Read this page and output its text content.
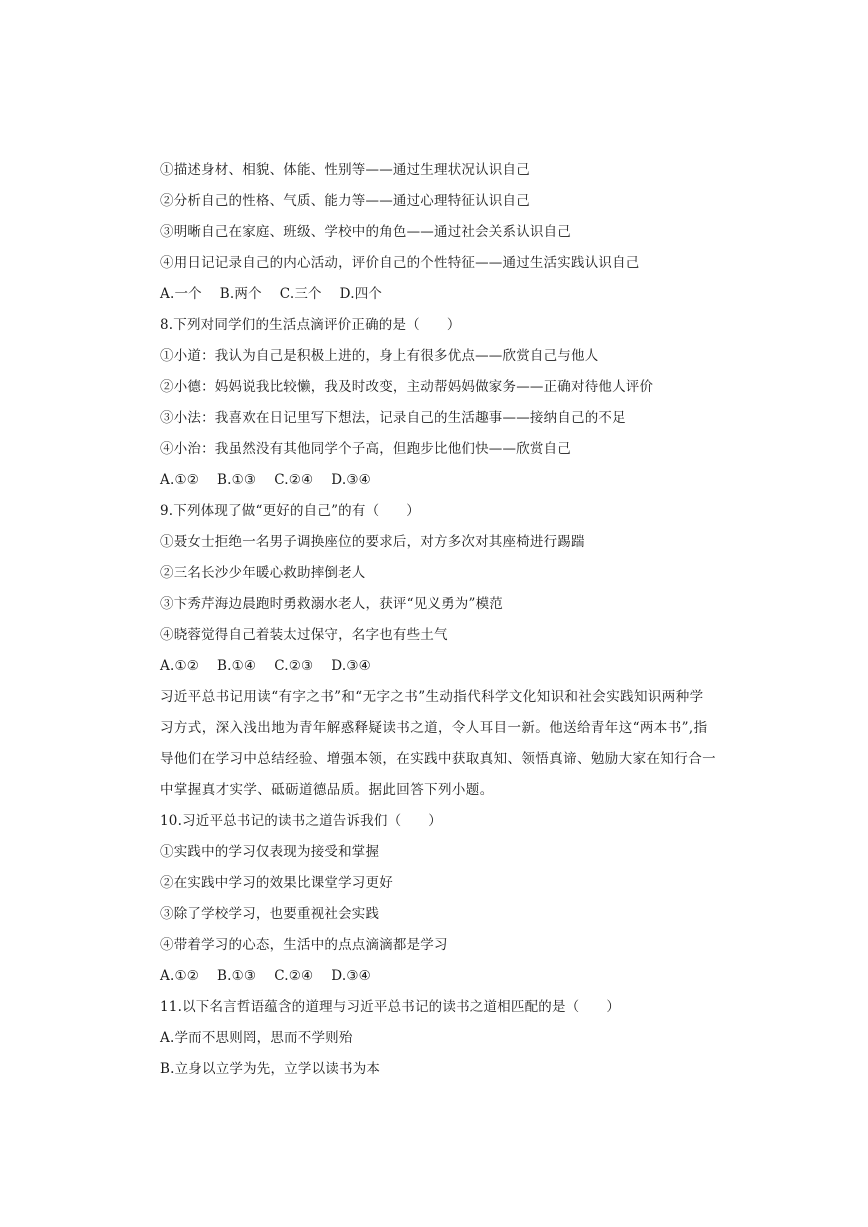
①描述身材、相貌、体能、性别等——通过生理状况认识自己
②分析自己的性格、气质、能力等——通过心理特征认识自己
③明晰自己在家庭、班级、学校中的角色——通过社会关系认识自己
④用日记记录自己的内心活动，评价自己的个性特征——通过生活实践认识自己
A.一个    B.两个    C.三个    D.四个
8.下列对同学们的生活点滴评价正确的是（      ）
①小道：我认为自己是积极上进的，身上有很多优点——欣赏自己与他人
②小德：妈妈说我比较懒，我及时改变，主动帮妈妈做家务——正确对待他人评价
③小法：我喜欢在日记里写下想法，记录自己的生活趣事——接纳自己的不足
④小治：我虽然没有其他同学个子高，但跑步比他们快——欣赏自己
A.①②    B.①③    C.②④    D.③④
9.下列体现了做“更好的自己”的有（      ）
①聂女士拒绝一名男子调换座位的要求后，对方多次对其座椅进行踢踹
②三名长沙少年暖心救助摔倒老人
③卞秀芹海边晨跑时勇救溺水老人，获评“见义勇为”模范
④晓蓉觉得自己着装太过保守，名字也有些土气
A.①②    B.①④    C.②③    D.③④
习近平总书记用读“有字之书”和“无字之书”生动指代科学文化知识和社会实践知识两种学
习方式，深入浅出地为青年解惑释疑读书之道，令人耳目一新。他送给青年这“两本书”,指
导他们在学习中总结经验、增强本领，在实践中获取真知、领悟真谛、勉励大家在知行合一
中掌握真才实学、砥砺道德品质。据此回答下列小题。
10.习近平总书记的读书之道告诉我们（      ）
①实践中的学习仅表现为接受和掌握
②在实践中学习的效果比课堂学习更好
③除了学校学习，也要重视社会实践
④带着学习的心态，生活中的点点滴滴都是学习
A.①②    B.①③    C.②④    D.③④
11.以下名言哲语蕴含的道理与习近平总书记的读书之道相匹配的是（      ）
A.学而不思则罔，思而不学则殆
B.立身以立学为先，立学以读书为本
